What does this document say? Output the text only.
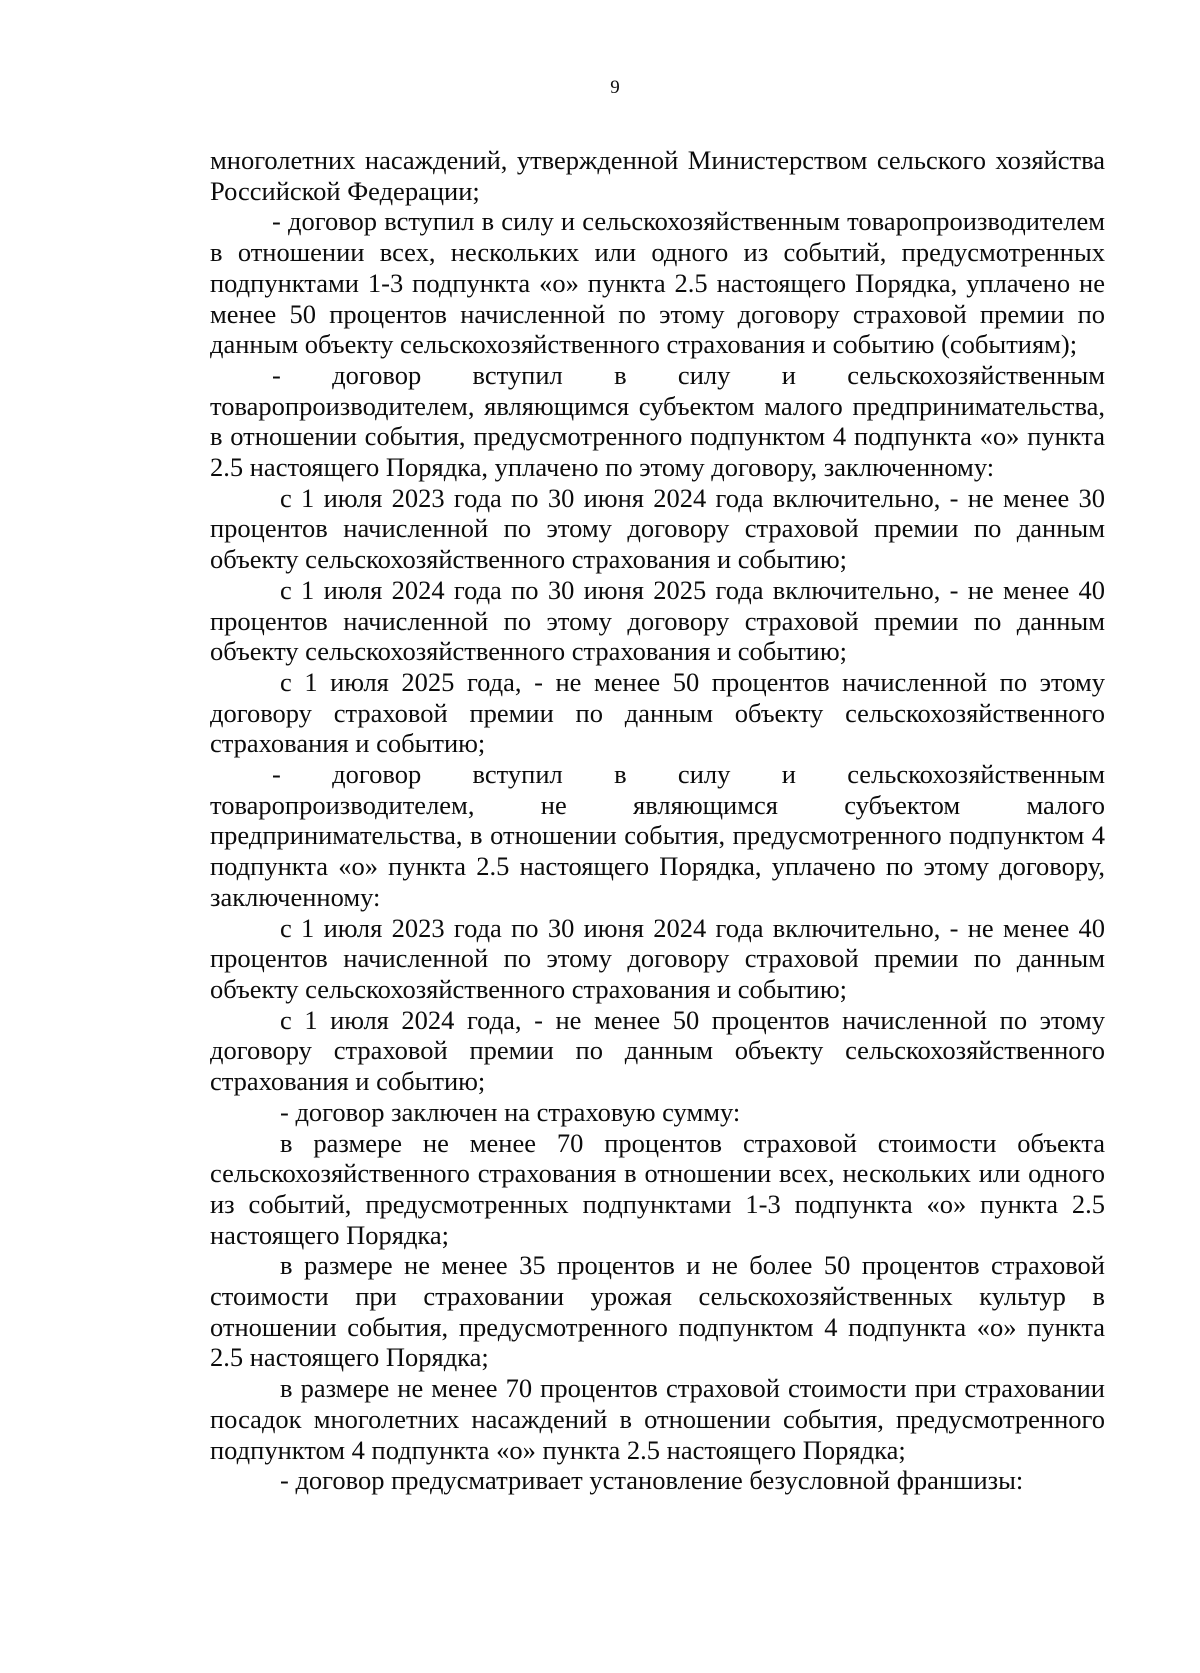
9

многолетних насаждений, утвержденной Министерством сельского хозяйства Российской Федерации;

- договор вступил в силу и сельскохозяйственным товаропроизводителем в отношении всех, нескольких или одного из событий, предусмотренных подпунктами 1-3 подпункта «о» пункта 2.5 настоящего Порядка, уплачено не менее 50 процентов начисленной по этому договору страховой премии по данным объекту сельскохозяйственного страхования и событию (событиям);

- договор вступил в силу и сельскохозяйственным товаропроизводителем, являющимся субъектом малого предпринимательства, в отношении события, предусмотренного подпунктом 4 подпункта «о» пункта 2.5 настоящего Порядка, уплачено по этому договору, заключенному:

с 1 июля 2023 года по 30 июня 2024 года включительно, - не менее 30 процентов начисленной по этому договору страховой премии по данным объекту сельскохозяйственного страхования и событию;

с 1 июля 2024 года по 30 июня 2025 года включительно, - не менее 40 процентов начисленной по этому договору страховой премии по данным объекту сельскохозяйственного страхования и событию;

с 1 июля 2025 года, - не менее 50 процентов начисленной по этому договору страховой премии по данным объекту сельскохозяйственного страхования и событию;

- договор вступил в силу и сельскохозяйственным товаропроизводителем, не являющимся субъектом малого предпринимательства, в отношении события, предусмотренного подпунктом 4 подпункта «о» пункта 2.5 настоящего Порядка, уплачено по этому договору, заключенному:

с 1 июля 2023 года по 30 июня 2024 года включительно, - не менее 40 процентов начисленной по этому договору страховой премии по данным объекту сельскохозяйственного страхования и событию;

с 1 июля 2024 года, - не менее 50 процентов начисленной по этому договору страховой премии по данным объекту сельскохозяйственного страхования и событию;

- договор заключен на страховую сумму:

в размере не менее 70 процентов страховой стоимости объекта сельскохозяйственного страхования в отношении всех, нескольких или одного из событий, предусмотренных подпунктами 1-3 подпункта «о» пункта 2.5 настоящего Порядка;

в размере не менее 35 процентов и не более 50 процентов страховой стоимости при страховании урожая сельскохозяйственных культур в отношении события, предусмотренного подпунктом 4 подпункта «о» пункта 2.5 настоящего Порядка;

в размере не менее 70 процентов страховой стоимости при страховании посадок многолетних насаждений в отношении события, предусмотренного подпунктом 4 подпункта «о» пункта 2.5 настоящего Порядка;

- договор предусматривает установление безусловной франшизы:
